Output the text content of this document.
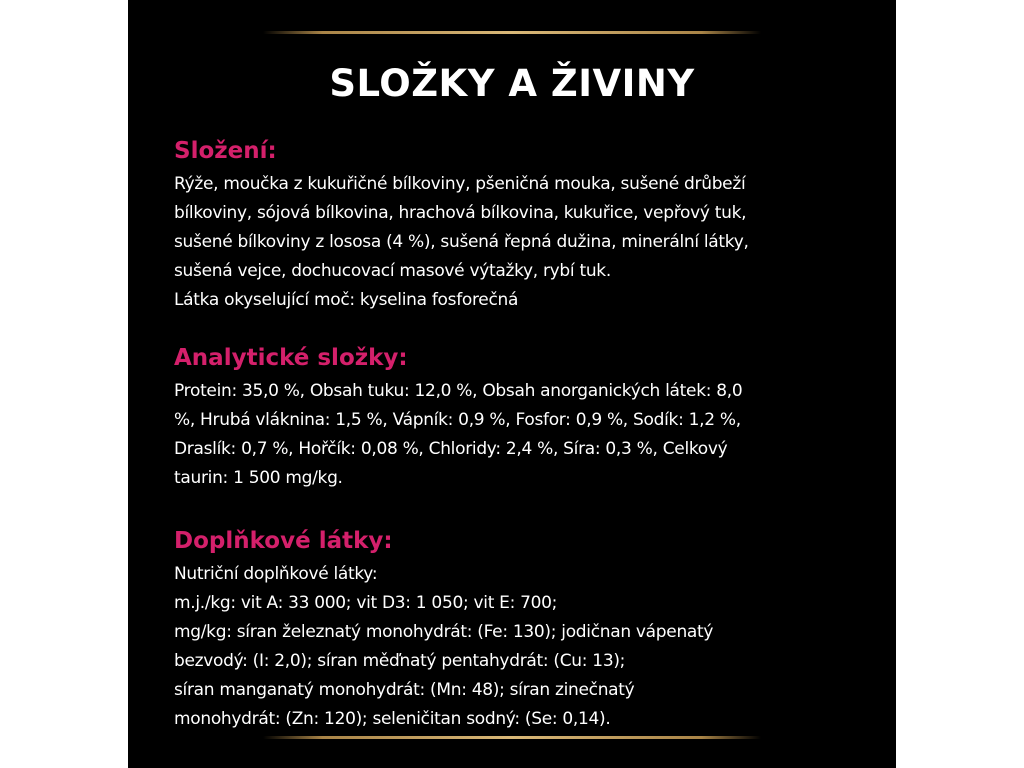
SLOŽKY A ŽIVINY
Složení:

Rýže, moučka z kukuřičné bílkoviny, pšeničná mouka, sušené drůbeží
bílkoviny, sójová bílkovina, hrachová bílkovina, kukuřice, vepřový tuk,
sušené bílkoviny z lososa (4 %), sušená řepná dužina, minerální látky,
sušená vejce, dochucovací masové výtažky, rybí tuk.
Látka okyselující moč: kyselina fosforečná

Analytické složky:

Protein: 35,0 %, Obsah tuku: 12,0 %, Obsah anorganických látek: 8,0
%, Hrubá vláknina: 1,5 %, Vápník: 0,9 %, Fosfor: 0,9 %, Sodík: 1,2 %,
Draslík: 0,7 %, Hořčík: 0,08 %, Chloridy: 2,4 %, Síra: 0,3 %, Celkový
taurin: 1 500 mg/kg.

Doplňkové látky:

Nutriční doplňkové látky:
m.j./kg: vit A: 33 000; vit D3: 1 050; vit E: 700;
mg/kg: síran železnatý monohydrát: (Fe: 130); jodičnan vápenatý
bezvodý: (I: 2,0); síran měďnatý pentahydrát: (Cu: 13);
síran manganatý monohydrát: (Mn: 48); síran zinečnatý
monohydrát: (Zn: 120); seleničitan sodný: (Se: 0,14).
